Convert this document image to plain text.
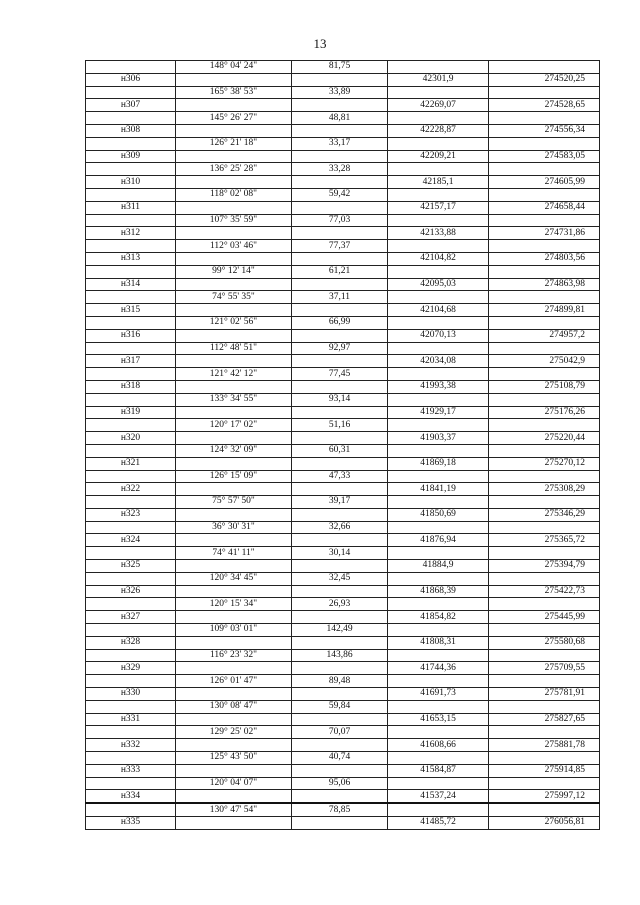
13
	148° 04' 24"	81,75		
н306			42301,9	274520,25
	165° 38' 53"	33,89		
н307			42269,07	274528,65
	145° 26' 27"	48,81		
н308			42228,87	274556,34
	126° 21' 18"	33,17		
н309			42209,21	274583,05
	136° 25' 28"	33,28		
н310			42185,1	274605,99
	118° 02' 08"	59,42		
н311			42157,17	274658,44
	107° 35' 59"	77,03		
н312			42133,88	274731,86
	112° 03' 46"	77,37		
н313			42104,82	274803,56
	99° 12' 14"	61,21		
н314			42095,03	274863,98
	74° 55' 35"	37,11		
н315			42104,68	274899,81
	121° 02' 56"	66,99		
н316			42070,13	274957,2
	112° 48' 51"	92,97		
н317			42034,08	275042,9
	121° 42' 12"	77,45		
н318			41993,38	275108,79
	133° 34' 55"	93,14		
н319			41929,17	275176,26
	120° 17' 02"	51,16		
н320			41903,37	275220,44
	124° 32' 09"	60,31		
н321			41869,18	275270,12
	126° 15' 09"	47,33		
н322			41841,19	275308,29
	75° 57' 50"	39,17		
н323			41850,69	275346,29
	36° 30' 31"	32,66		
н324			41876,94	275365,72
	74° 41' 11"	30,14		
н325			41884,9	275394,79
	120° 34' 45"	32,45		
н326			41868,39	275422,73
	120° 15' 34"	26,93		
н327			41854,82	275445,99
	109° 03' 01"	142,49		
н328			41808,31	275580,68
	116° 23' 32"	143,86		
н329			41744,36	275709,55
	126° 01' 47"	89,48		
н330			41691,73	275781,91
	130° 08' 47"	59,84		
н331			41653,15	275827,65
	129° 25' 02"	70,07		
н332			41608,66	275881,78
	125° 43' 50"	40,74		
н333			41584,87	275914,85
	120° 04' 07"	95,06		
н334			41537,24	275997,12
	130° 47' 54"	78,85		
н335			41485,72	276056,81
